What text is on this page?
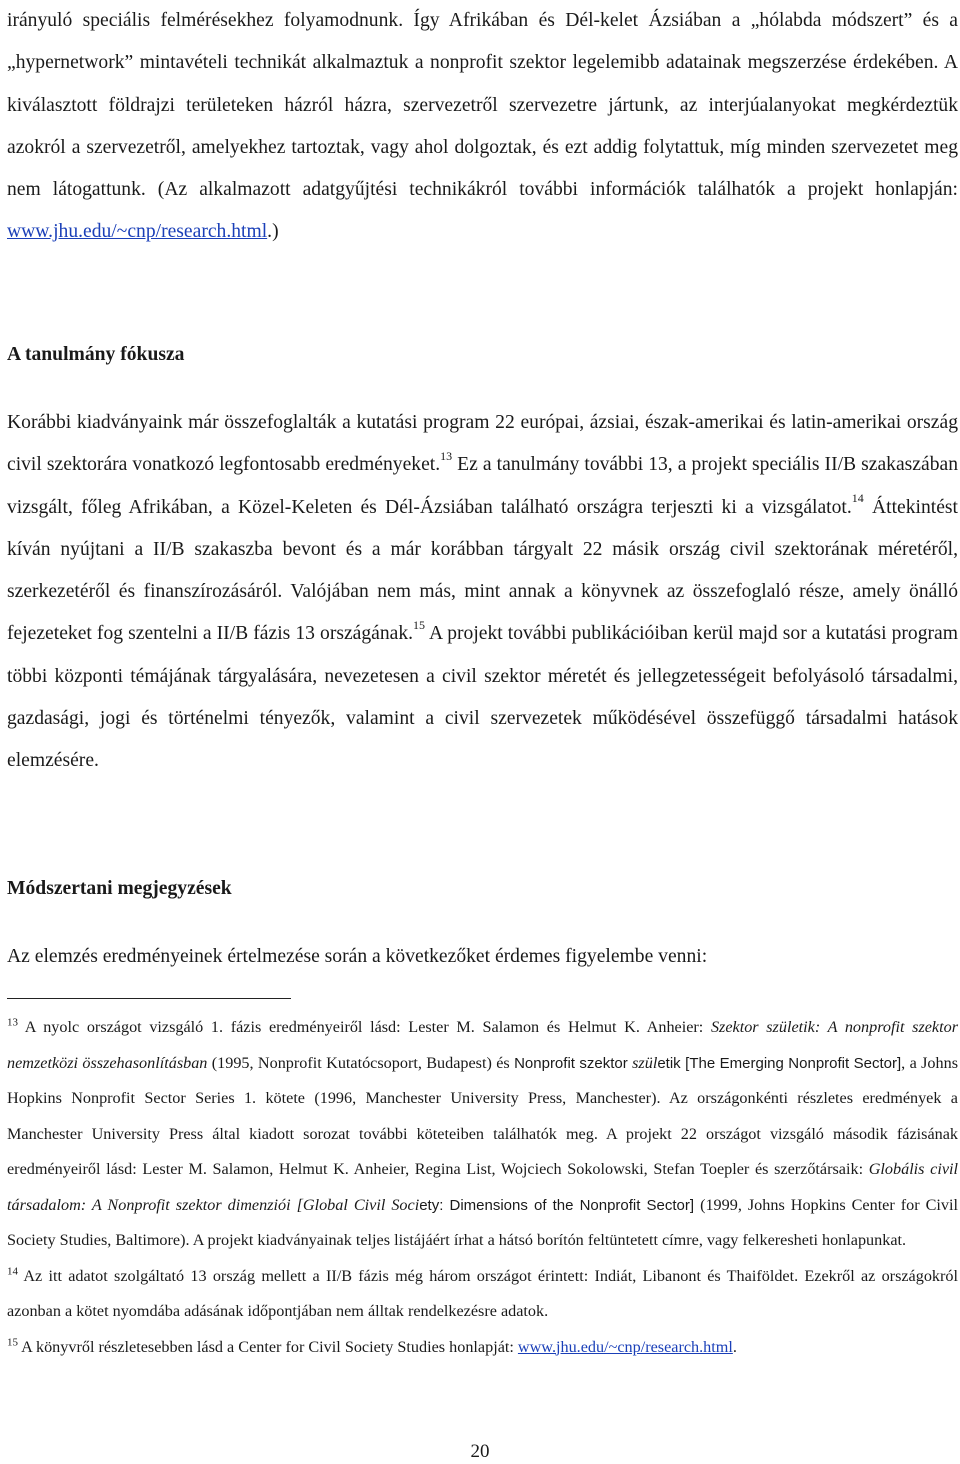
irányuló speciális felmérésekhez folyamodnunk. Így Afrikában és Dél-kelet Ázsiában a „hólabda módszert” és a „hypernetwork” mintavételi technikát alkalmaztuk a nonprofit szektor legelemibb adatainak megszerzése érdekében. A kiválasztott földrajzi területeken házról házra, szervezetről szervezetre jártunk, az interjúalanyokat megkérdeztük azokról a szervezetről, amelyekhez tartoztak, vagy ahol dolgoztak, és ezt addig folytattuk, míg minden szervezetet meg nem látogattunk. (Az alkalmazott adatgyűjtési technikákról további információk találhatók a projekt honlapján: www.jhu.edu/~cnp/research.html.)

A tanulmány fókusza

Korábbi kiadványaink már összefoglalták a kutatási program 22 európai, ázsiai, észak-amerikai és latin-amerikai ország civil szektorára vonatkozó legfontosabb eredményeket.$^{13}$ Ez a tanulmány további 13, a projekt speciális II/B szakaszában vizsgált, főleg Afrikában, a Közel-Keleten és Dél-Ázsiában található országra terjeszti ki a vizsgálatot.$^{14}$ Áttekintést kíván nyújtani a II/B szakaszba bevont és a már korábban tárgyalt 22 másik ország civil szektorának méretéről, szerkezetéről és finanszírozásáról. Valójában nem más, mint annak a könyvnek az összefoglaló része, amely önálló fejezeteket fog szentelni a II/B fázis 13 országának.$^{15}$ A projekt további publikációiban kerül majd sor a kutatási program többi központi témájának tárgyalására, nevezetesen a civil szektor méretét és jellegzetességeit befolyásoló társadalmi, gazdasági, jogi és történelmi tényezők, valamint a civil szervezetek működésével összefüggő társadalmi hatások elemzésére.

Módszertani megjegyzések

Az elemzés eredményeinek értelmezése során a következőket érdemes figyelembe venni:

$^{13}$ A nyolc országot vizsgáló 1. fázis eredményeiről lásd: Lester M. Salamon és Helmut K. Anheier: Szektor születik: A nonprofit szektor nemzetközi összehasonlításban (1995, Nonprofit Kutatócsoport, Budapest) és Nonprofit szektor születik [The Emerging Nonprofit Sector], a Johns Hopkins Nonprofit Sector Series 1. kötete (1996, Manchester University Press, Manchester). Az országonkénti részletes eredmények a Manchester University Press által kiadott sorozat további köteteiben találhatók meg. A projekt 22 országot vizsgáló második fázisának eredményeiről lásd: Lester M. Salamon, Helmut K. Anheier, Regina List, Wojciech Sokolowski, Stefan Toepler és szerzőtársaik: Globális civil társadalom: A Nonprofit szektor dimenziói [Global Civil Society: Dimensions of the Nonprofit Sector] (1999, Johns Hopkins Center for Civil Society Studies, Baltimore). A projekt kiadványainak teljes listájáért írhat a hátsó borítón feltüntetett címre, vagy felkeresheti honlapunkat.

$^{14}$ Az itt adatot szolgáltató 13 ország mellett a II/B fázis még három országot érintett: Indiát, Libanont és Thaiföldet. Ezekről az országokról azonban a kötet nyomdába adásának időpontjában nem álltak rendelkezésre adatok.

$^{15}$ A könyvről részletesebben lásd a Center for Civil Society Studies honlapját: www.jhu.edu/~cnp/research.html.

20
